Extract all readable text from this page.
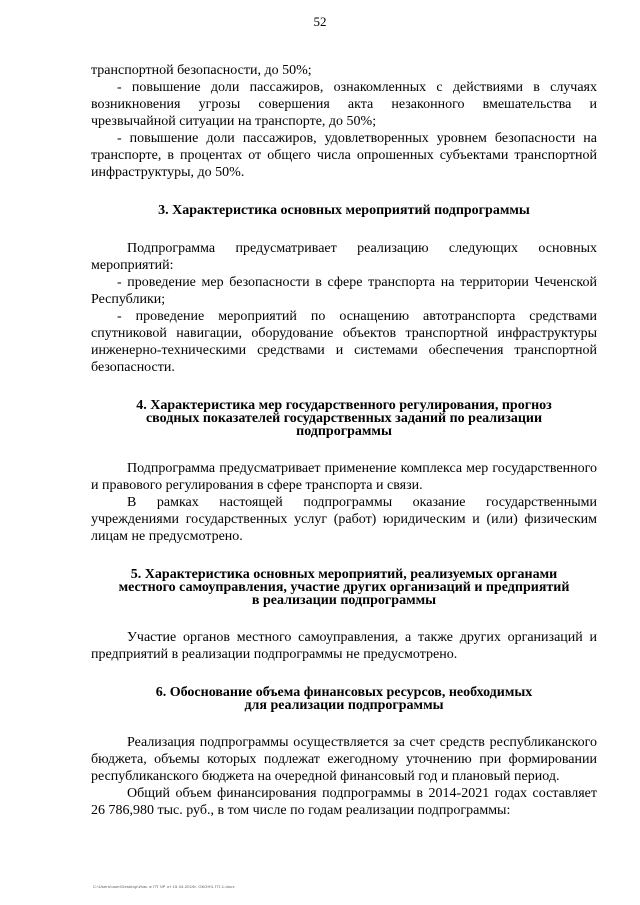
52

транспортной безопасности, до 50%;

- повышение доли пассажиров, ознакомленных с действиями в случаях возникновения угрозы совершения акта незаконного вмешательства и чрезвычайной ситуации на транспорте, до 50%;

- повышение доли пассажиров, удовлетворенных уровнем безопасности на транспорте, в процентах от общего числа опрошенных субъектами транспортной инфраструктуры, до 50%.

3. Характеристика основных мероприятий подпрограммы

Подпрограмма предусматривает реализацию следующих основных мероприятий:

- проведение мер безопасности в сфере транспорта на территории Чеченской Республики;

- проведение мероприятий по оснащению автотранспорта средствами спутниковой навигации, оборудование объектов транспортной инфраструктуры инженерно-техническими средствами и системами обеспечения транспортной безопасности.

4. Характеристика мер государственного регулирования, прогноз

сводных показателей государственных заданий по реализации

подпрограммы

Подпрограмма предусматривает применение комплекса мер государственного и правового регулирования в сфере транспорта и связи.

В рамках настоящей подпрограммы оказание государственными учреждениями государственных услуг (работ) юридическим и (или) физическим лицам не предусмотрено.

5. Характеристика основных мероприятий, реализуемых органами

местного самоуправления, участие других организаций и предприятий

в реализации подпрограммы

Участие органов местного самоуправления, а также других организаций и предприятий в реализации подпрограммы не предусмотрено.

6. Обоснование объема финансовых ресурсов, необходимых

для реализации подпрограммы

Реализация подпрограммы осуществляется за счет средств республиканского бюджета, объемы которых подлежат ежегодному уточнению при формировании республиканского бюджета на очередной финансовый год и плановый период.

Общий объем финансирования подпрограммы в 2014-2021 годах составляет 26 786,980 тыс. руб., в том числе по годам реализации подпрограммы:

С:\Users\user\Desktop\Изм. в ГП ЧР от 15.04.2019г. ОКОНЧ.ГП-1.docx
